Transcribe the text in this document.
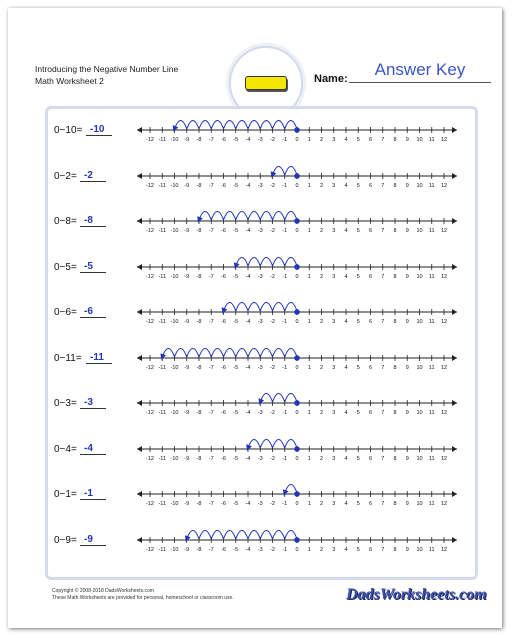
Introducing the Negative Number Line
Math Worksheet 2	Name:	Answer Key
Copyright © 2008-2018 DadsWorksheets.com
These Math Worksheets are provided for personal, homeschool or classroom use.	DadsWorksheets.com
0−10= -10
-12 -11 -10 -9 -8 -7 -6 -5 -4 -3 -2 -1 0 1 2 3 4 5 6 7 8 9 10 11 12
0−2= -2
-12 -11 -10 -9 -8 -7 -6 -5 -4 -3 -2 -1 0 1 2 3 4 5 6 7 8 9 10 11 12
0−8= -8
-12 -11 -10 -9 -8 -7 -6 -5 -4 -3 -2 -1 0 1 2 3 4 5 6 7 8 9 10 11 12
0−5= -5
-12 -11 -10 -9 -8 -7 -6 -5 -4 -3 -2 -1 0 1 2 3 4 5 6 7 8 9 10 11 12
0−6= -6
-12 -11 -10 -9 -8 -7 -6 -5 -4 -3 -2 -1 0 1 2 3 4 5 6 7 8 9 10 11 12
0−11= -11
-12 -11 -10 -9 -8 -7 -6 -5 -4 -3 -2 -1 0 1 2 3 4 5 6 7 8 9 10 11 12
0−3= -3
-12 -11 -10 -9 -8 -7 -6 -5 -4 -3 -2 -1 0 1 2 3 4 5 6 7 8 9 10 11 12
0−4= -4
-12 -11 -10 -9 -8 -7 -6 -5 -4 -3 -2 -1 0 1 2 3 4 5 6 7 8 9 10 11 12
0−1= -1
-12 -11 -10 -9 -8 -7 -6 -5 -4 -3 -2 -1 0 1 2 3 4 5 6 7 8 9 10 11 12
0−9= -9
-12 -11 -10 -9 -8 -7 -6 -5 -4 -3 -2 -1 0 1 2 3 4 5 6 7 8 9 10 11 12
